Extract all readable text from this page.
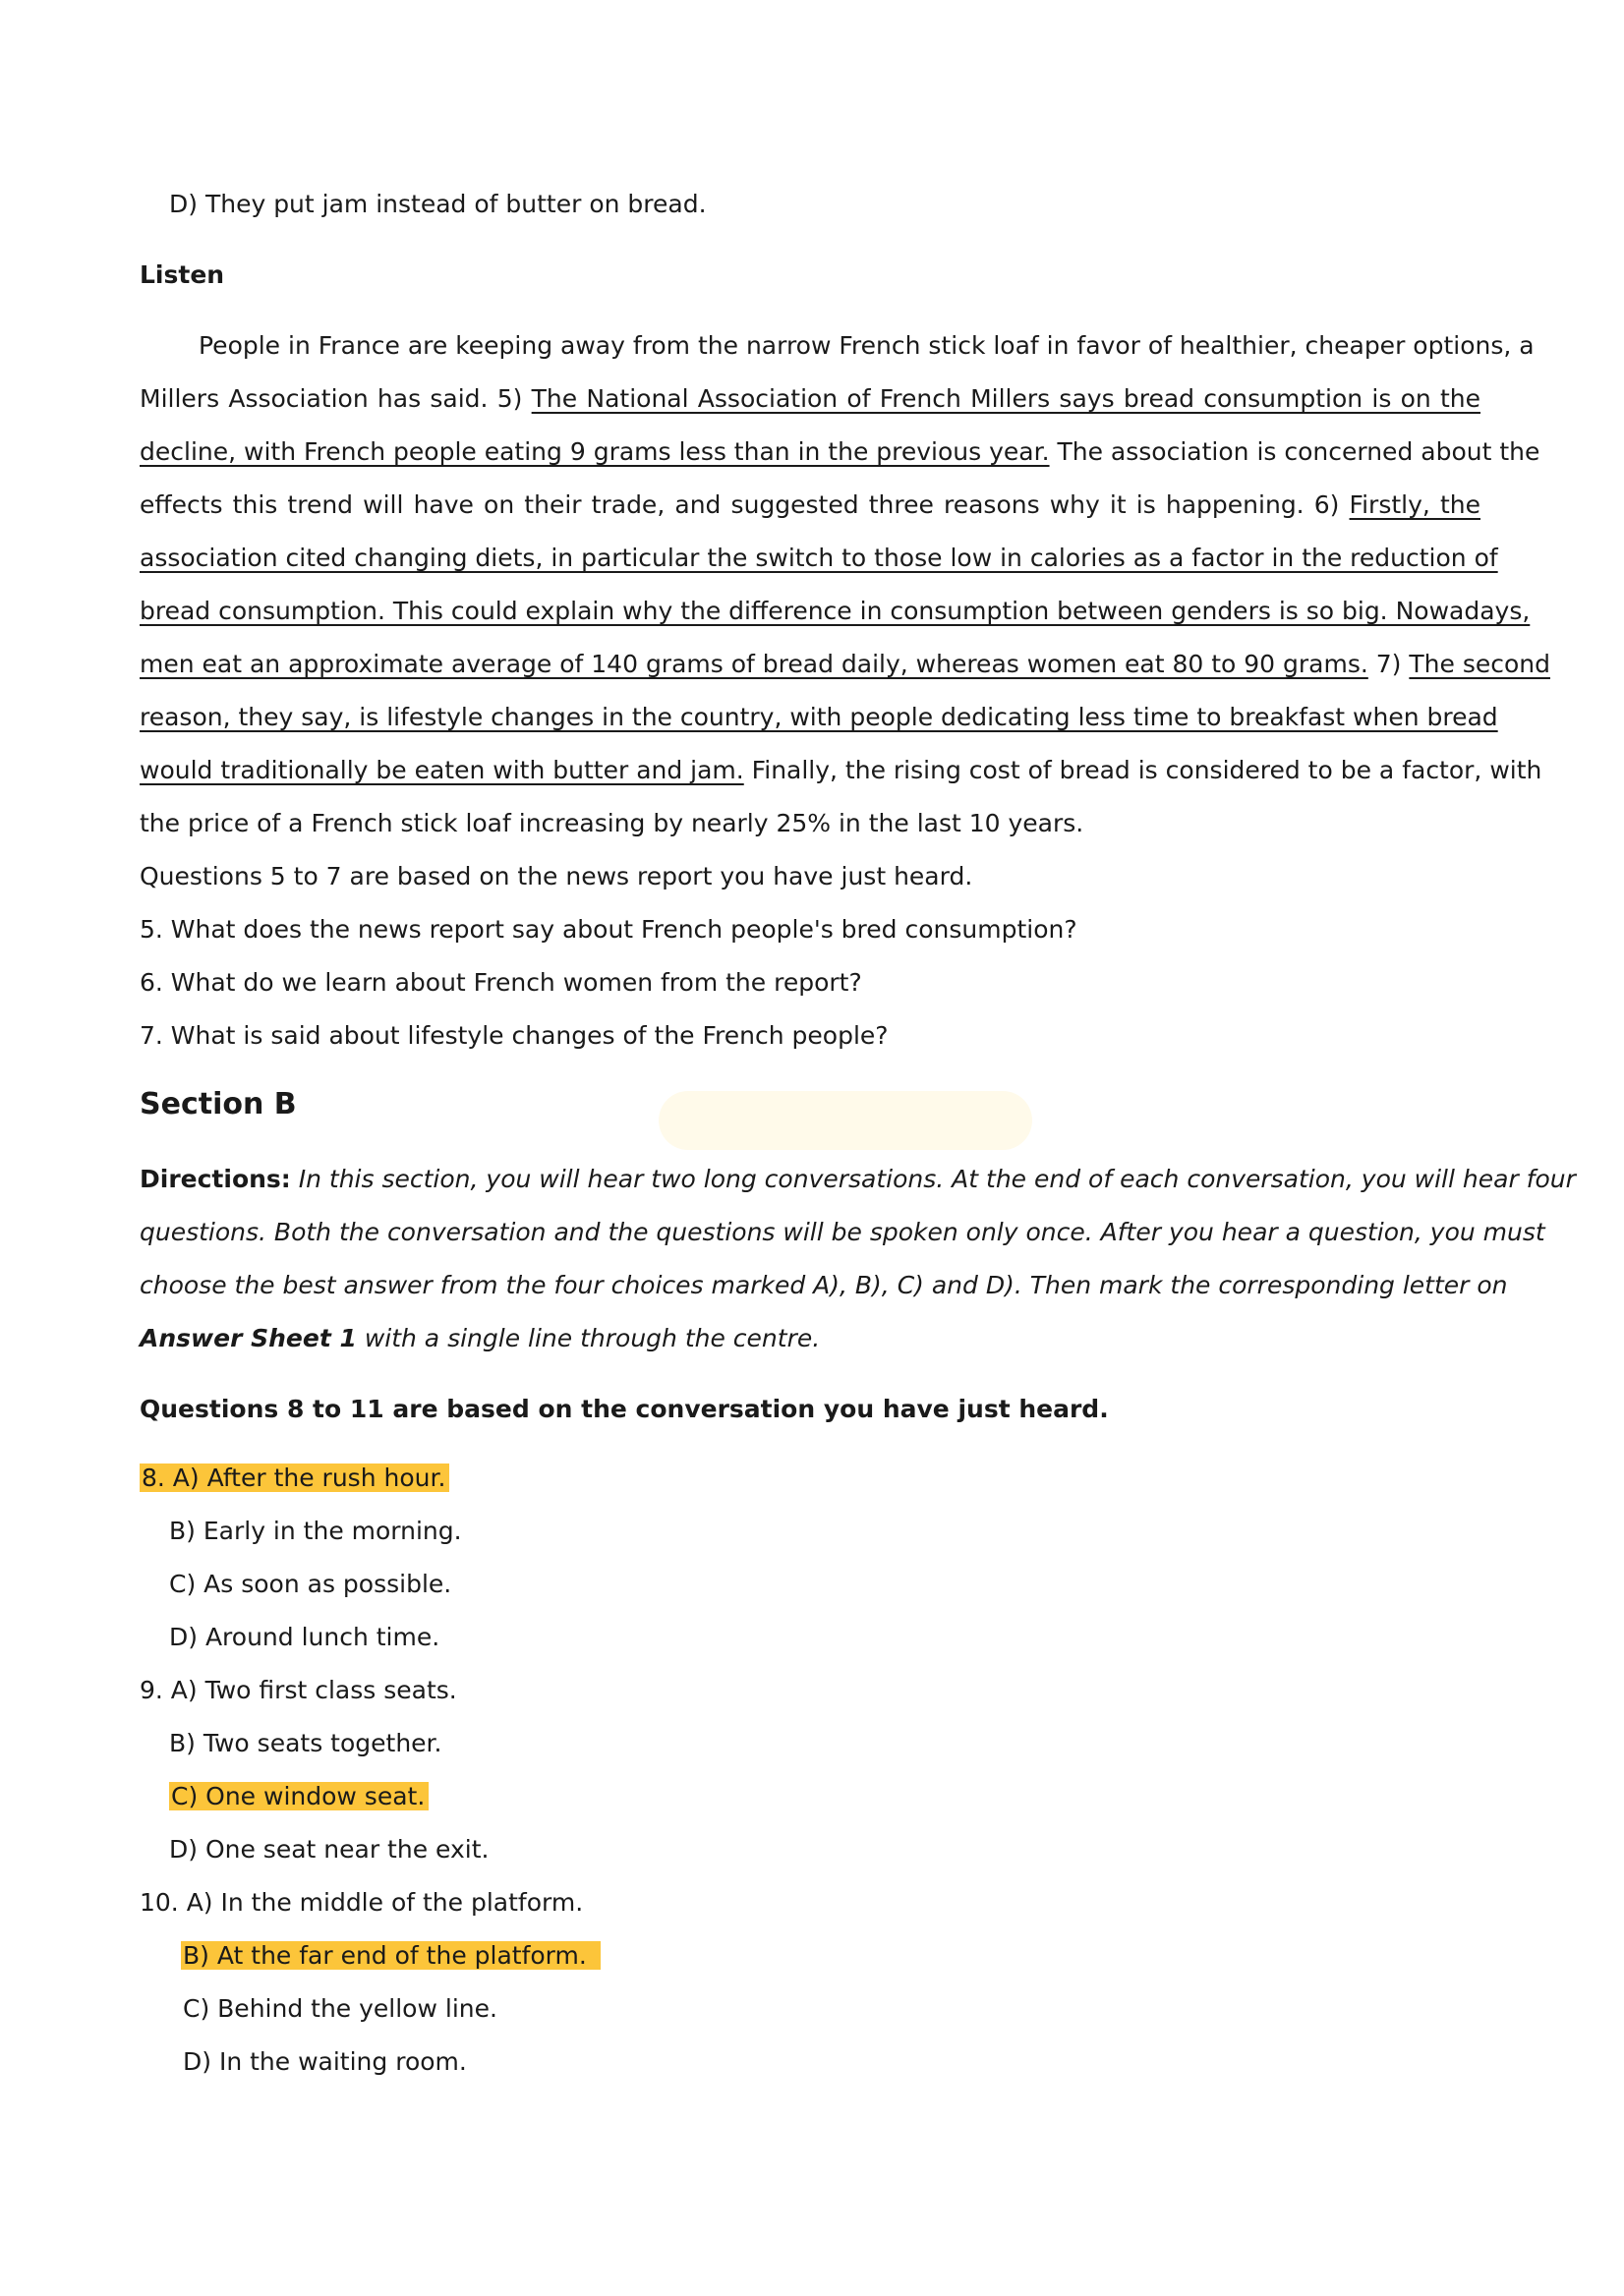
D) They put jam instead of butter on bread.
Listen
People in France are keeping away from the narrow French stick loaf in favor of healthier, cheaper options, a
Millers Association has said. 5) The National Association of French Millers says bread consumption is on the
decline, with French people eating 9 grams less than in the previous year. The association is concerned about the
effects this trend will have on their trade, and suggested three reasons why it is happening. 6) Firstly, the
association cited changing diets, in particular the switch to those low in calories as a factor in the reduction of
bread consumption. This could explain why the difference in consumption between genders is so big. Nowadays,
men eat an approximate average of 140 grams of bread daily, whereas women eat 80 to 90 grams. 7) The second
reason, they say, is lifestyle changes in the country, with people dedicating less time to breakfast when bread
would traditionally be eaten with butter and jam. Finally, the rising cost of bread is considered to be a factor, with
the price of a French stick loaf increasing by nearly 25% in the last 10 years.
Questions 5 to 7 are based on the news report you have just heard.
5. What does the news report say about French people's bred consumption?
6. What do we learn about French women from the report?
7. What is said about lifestyle changes of the French people?
Section B
Directions: In this section, you will hear two long conversations. At the end of each conversation, you will hear four
questions. Both the conversation and the questions will be spoken only once. After you hear a question, you must
choose the best answer from the four choices marked A), B), C) and D). Then mark the corresponding letter on
Answer Sheet 1 with a single line through the centre.
Questions 8 to 11 are based on the conversation you have just heard.
8. A) After the rush hour.
B) Early in the morning.
C) As soon as possible.
D) Around lunch time.
9. A) Two first class seats.
B) Two seats together.
C) One window seat.
D) One seat near the exit.
10. A) In the middle of the platform.
B) At the far end of the platform.
C) Behind the yellow line.
D) In the waiting room.
